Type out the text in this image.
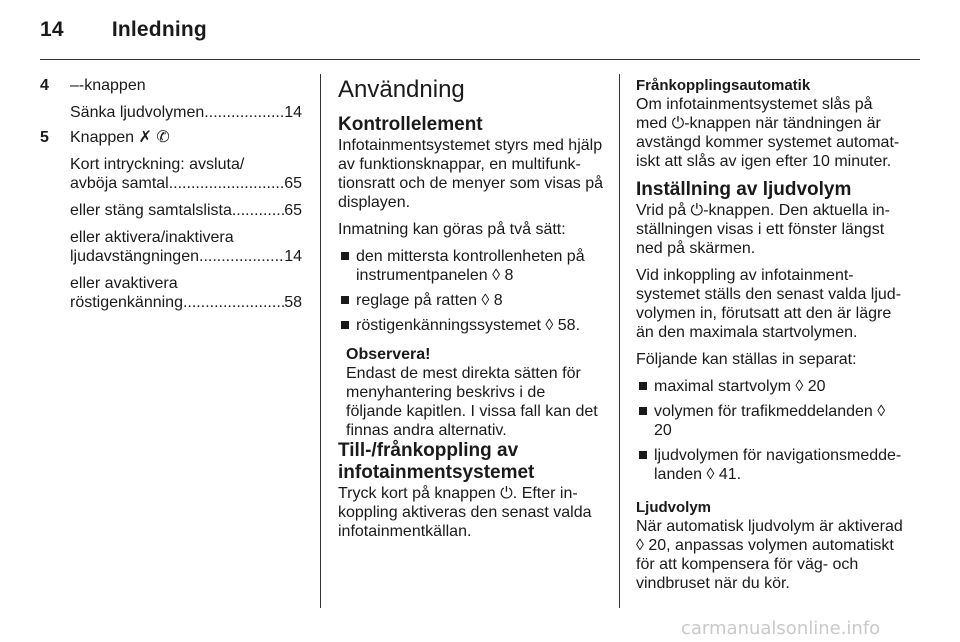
14 Inledning
4 –-knappen
Sänka ljudvolymen .....	14
5 Knappen ✗ ✆
Kort intryckning: avsluta/
avböja samtal .....	65
eller stäng samtalslista .....	65
eller aktivera/inaktivera
ljudavstängningen .....	14
eller avaktivera
röstigenkänning .....	58
Användning
Kontrollelement

Infotainmentsystemet styrs med hjälp av funktionsknappar, en multifunktionsratt och de menyer som visas på displayen.

Inmatning kan göras på två sätt:

den mittersta kontrollenheten på instrumentpanelen ◊ 8
reglage på ratten ◊ 8
röstigenkänningssystemet ◊ 58.
Observera!
Endast de mest direkta sätten för menyhantering beskrivs i de följande kapitlen. I vissa fall kan det finnas andra alternativ.
Till-/frånkoppling av infotainmentsystemet

Tryck kort på knappen ⏻. Efter inkoppling aktiveras den senast valda infotainmentkällan.

Frånkopplingsautomatik

Om infotainmentsystemet slås på med ⏻-knappen när tändningen är avstängd kommer systemet automatiskt att slås av igen efter 10 minuter.

Inställning av ljudvolym

Vrid på ⏻-knappen. Den aktuella inställningen visas i ett fönster längst ned på skärmen.

Vid inkoppling av infotainmentsystemet ställs den senast valda ljudvolymen in, förutsatt att den är lägre än den maximala startvolymen.

Följande kan ställas in separat:

maximal startvolym ◊ 20
volymen för trafikmeddelanden ◊ 20
ljudvolymen för navigationsmeddelanden ◊ 41.
Ljudvolym

När automatisk ljudvolym är aktiverad ◊ 20, anpassas volymen automatiskt för att kompensera för väg- och vindbruset när du kör.

carmanualsonline.info
